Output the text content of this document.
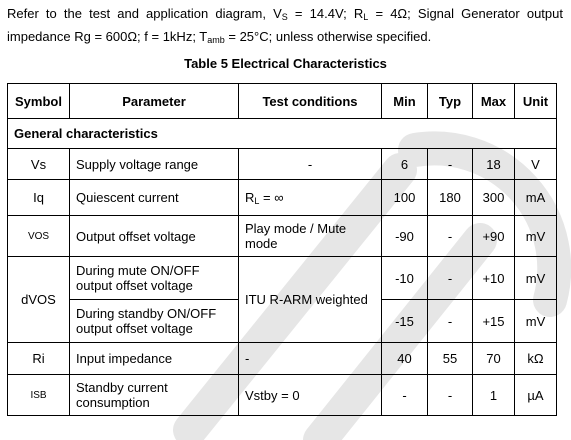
Refer to the test and application diagram, $V_S = 14.4V$; $R_L = 4\Omega$; Signal Generator output impedance Rg = 600Ω; f = 1kHz; $T_{amb} = 25^\circ C$; unless otherwise specified.
Table 5 Electrical Characteristics
Symbol	Parameter	Test conditions	Min	Typ	Max	Unit
General characteristics						
Vs	Supply voltage range	-	6	-	18	V
Iq	Quiescent current	$R_L$ = ∞	100	180	300	mA
VOS	Output offset voltage	Play mode / Mute mode	-90	-	+90	mV
dVOS	During mute ON/OFF output offset voltage	ITU R-ARM weighted	-10	-	+10	mV
	During standby ON/OFF output offset voltage		-15	-	+15	mV
Ri	Input impedance	-	40	55	70	kΩ
ISB	Standby current consumption	Vstby = 0	-	-	1	µA
